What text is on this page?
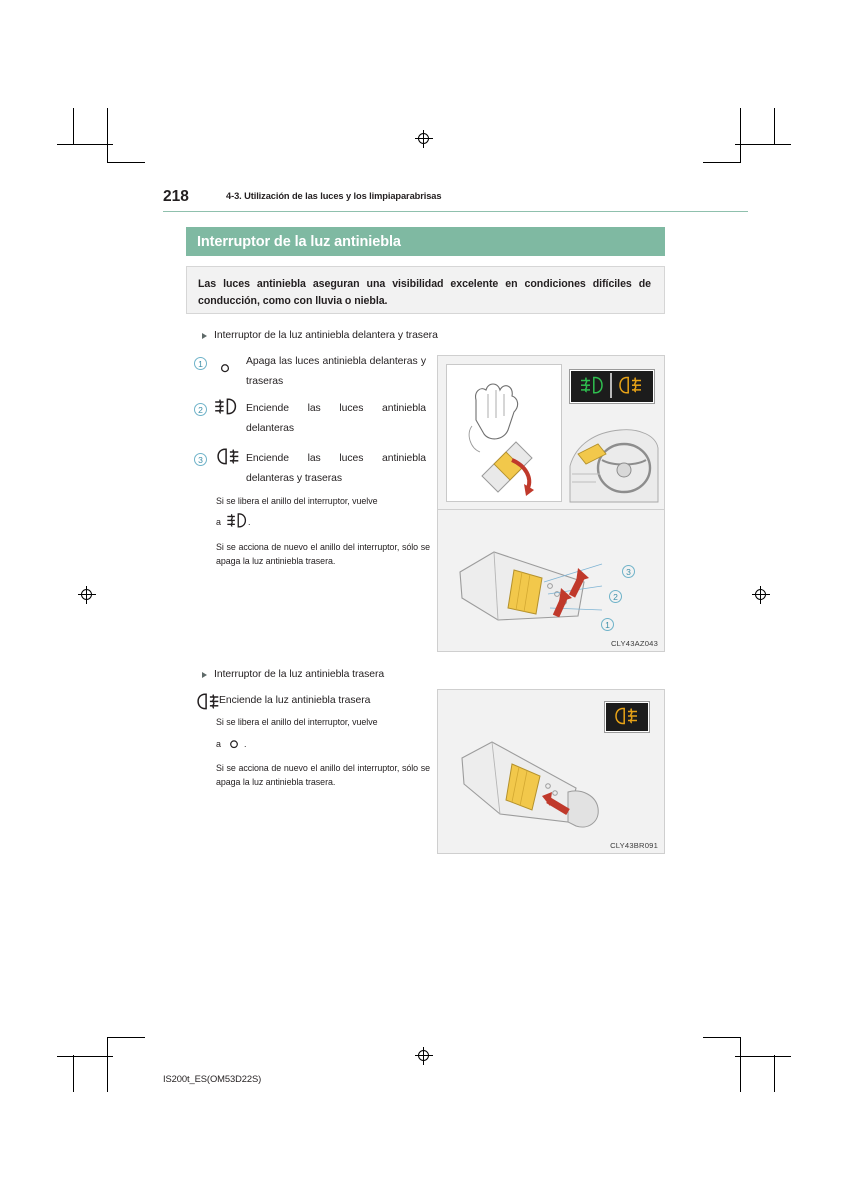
218	4-3. Utilización de las luces y los limpiaparabrisas
Interruptor de la luz antiniebla

Las luces antiniebla aseguran una visibilidad excelente en condiciones difíciles de conducción, como con lluvia o niebla.

Interruptor de la luz antiniebla delantera y trasera
1	Apaga las luces antiniebla delanteras y traseras
2	Enciende las luces antiniebla delanteras
3	Enciende las luces antiniebla delanteras y traseras
Si se libera el anillo del interruptor, vuelve
a	.
Si se acciona de nuevo el anillo del interruptor, sólo se apaga la luz antiniebla trasera.
3
2
1
CLY43AZ043
Interruptor de la luz antiniebla trasera
Enciende la luz antiniebla trasera
Si se libera el anillo del interruptor, vuelve
a	.
Si se acciona de nuevo el anillo del interruptor, sólo se apaga la luz antiniebla trasera.
CLY43BR091
IS200t_ES(OM53D22S)
